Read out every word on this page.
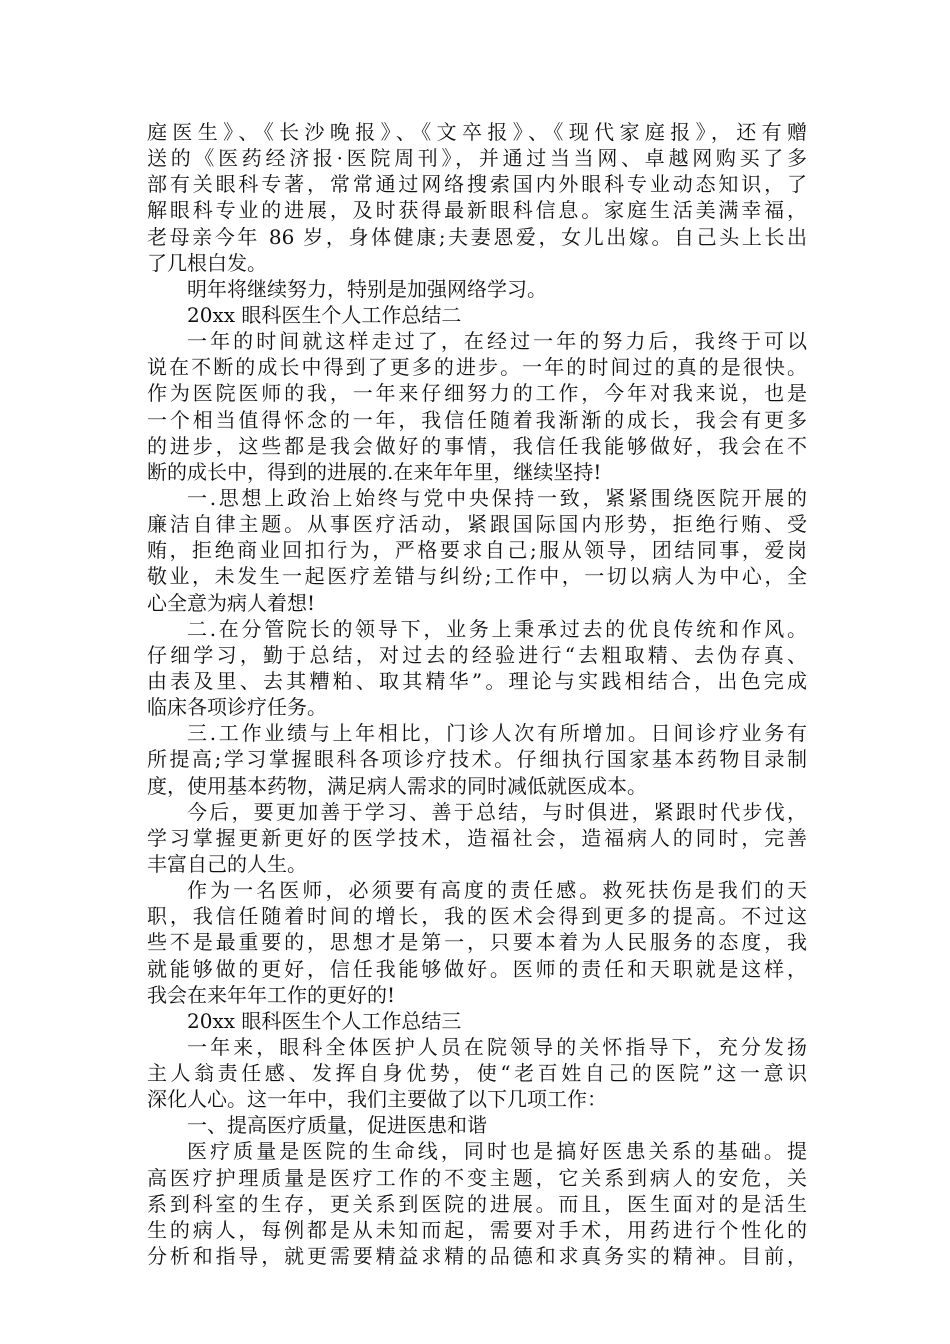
庭医生》、《长沙晚报》、《文卒报》、《现代家庭报》，还有赠
送的《医药经济报·医院周刊》，并通过当当网、卓越网购买了多
部有关眼科专著，常常通过网络搜索国内外眼科专业动态知识，了
解眼科专业的进展，及时获得最新眼科信息。家庭生活美满幸福，
老母亲今年 86 岁，身体健康;夫妻恩爱，女儿出嫁。自己头上长出
了几根白发。
明年将继续努力，特别是加强网络学习。
20xx 眼科医生个人工作总结二
一年的时间就这样走过了，在经过一年的努力后，我终于可以
说在不断的成长中得到了更多的进步。一年的时间过的真的是很快。
作为医院医师的我，一年来仔细努力的工作，今年对我来说，也是
一个相当值得怀念的一年，我信任随着我渐渐的成长，我会有更多
的进步，这些都是我会做好的事情，我信任我能够做好，我会在不
断的成长中，得到的进展的.在来年年里，继续坚持!
一.思想上政治上始终与党中央保持一致，紧紧围绕医院开展的
廉洁自律主题。从事医疗活动，紧跟国际国内形势，拒绝行贿、受
贿，拒绝商业回扣行为，严格要求自己;服从领导，团结同事，爱岗
敬业，未发生一起医疗差错与纠纷;工作中，一切以病人为中心，全
心全意为病人着想!
二.在分管院长的领导下，业务上秉承过去的优良传统和作风。
仔细学习，勤于总结，对过去的经验进行“去粗取精、去伪存真、
由表及里、去其糟粕、取其精华”。理论与实践相结合，出色完成
临床各项诊疗任务。
三.工作业绩与上年相比，门诊人次有所增加。日间诊疗业务有
所提高;学习掌握眼科各项诊疗技术。仔细执行国家基本药物目录制
度，使用基本药物，满足病人需求的同时减低就医成本。
今后，要更加善于学习、善于总结，与时俱进，紧跟时代步伐，
学习掌握更新更好的医学技术，造福社会，造福病人的同时，完善
丰富自己的人生。
作为一名医师，必须要有高度的责任感。救死扶伤是我们的天
职，我信任随着时间的增长，我的医术会得到更多的提高。不过这
些不是最重要的，思想才是第一，只要本着为人民服务的态度，我
就能够做的更好，信任我能够做好。医师的责任和天职就是这样，
我会在来年年工作的更好的!
20xx 眼科医生个人工作总结三
一年来，眼科全体医护人员在院领导的关怀指导下，充分发扬
主人翁责任感、发挥自身优势，使“老百姓自己的医院”这一意识
深化人心。这一年中，我们主要做了以下几项工作：
一、提高医疗质量，促进医患和谐
医疗质量是医院的生命线，同时也是搞好医患关系的基础。提
高医疗护理质量是医疗工作的不变主题，它关系到病人的安危，关
系到科室的生存，更关系到医院的进展。而且，医生面对的是活生
生的病人，每例都是从未知而起，需要对手术，用药进行个性化的
分析和指导，就更需要精益求精的品德和求真务实的精神。目前，
